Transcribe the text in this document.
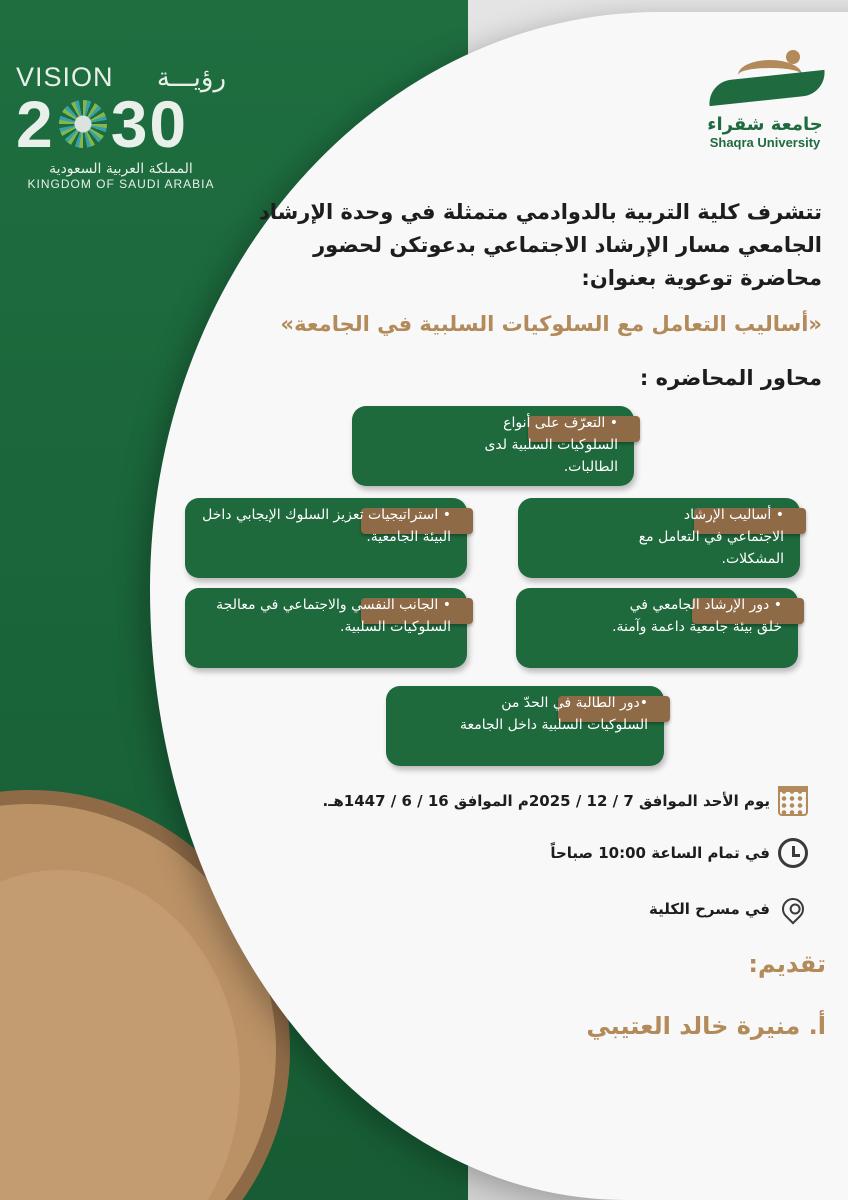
VISION رؤيـــة
2 30
المملكة العربية السعودية
KINGDOM OF SAUDI ARABIA
جامعة شقراء
Shaqra University
تتشرف كلية التربية بالدوادمي متمثلة في وحدة الإرشاد الجامعي مسار الإرشاد الاجتماعي بدعوتكن لحضور محاضرة توعوية بعنوان:
«أساليب التعامل مع السلوكيات السلبية في الجامعة»
محاور المحاضره :
• التعرّف على أنواع السلوكيات السلبية لدى الطالبات.
• أساليب الإرشاد الاجتماعي في التعامل مع المشكلات.
• استراتيجيات تعزيز السلوك الإيجابي داخل البيئة الجامعية.
• دور الإرشاد الجامعي في خلق بيئة جامعية داعمة وآمنة.
• الجانب النفسي والاجتماعي في معالجة السلوكيات السلبية.
•دور الطالبة في الحدّ من السلوكيات السلبية داخل الجامعة
يوم الأحد الموافق 7 / 12 / 2025م الموافق 16 / 6 / 1447هـ.
في تمام الساعة 10:00 صباحاً
في مسرح الكلية
تقديم:
أ. منيرة خالد العتيبي
